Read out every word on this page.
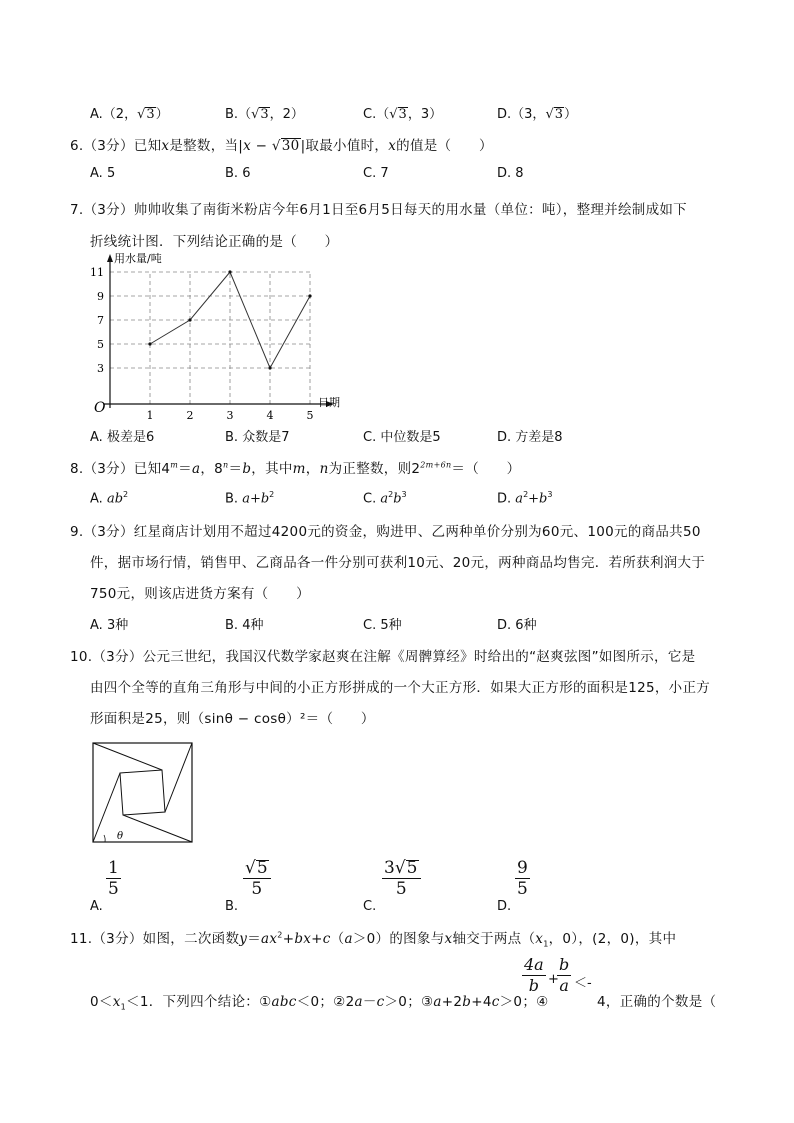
A.（2，√3）	B.（√3，2）	C.（√3，3）	D.（3，√3）
6.（3分）已知x是整数，当|x − √30|取最小值时，x的值是（　　）
A. 5	B. 6	C. 7	D. 8
7.（3分）帅帅收集了南街米粉店今年6月1日至6月5日每天的用水量（单位：吨），整理并绘制成如下
折线统计图．下列结论正确的是（　　）
3
5
7
9
11
1	2	3	4	5
O	日期
用水量/吨
A. 极差是6	B. 众数是7	C. 中位数是5	D. 方差是8
8.（3分）已知$4^m=a$，$8^n=b$，其中m，n为正整数，则$2^{2m+6n}=$（　　）
A. $ab^2$	B. $a+b^2$	C. $a^2b^3$	D. $a^2+b^3$
9.（3分）红星商店计划用不超过4200元的资金，购进甲、乙两种单价分别为60元、100元的商品共50
件，据市场行情，销售甲、乙商品各一件分别可获利10元、20元，两种商品均售完．若所获利润大于
750元，则该店进货方案有（　　）
A. 3种	B. 4种	C. 5种	D. 6种
10.（3分）公元三世纪，我国汉代数学家赵爽在注解《周髀算经》时给出的“赵爽弦图”如图所示，它是
由四个全等的直角三角形与中间的小正方形拼成的一个大正方形．如果大正方形的面积是125，小正方
形面积是25，则（sinθ − cosθ）²＝（　　）
θ
A.
1
5
B.
√5
5
C.
3√5
5
D.
9
5
11.（3分）如图，二次函数$y=ax^2+bx+c(a>0)$的图象与x轴交于两点（$x_1$，0），(2，0)，其中
$0<x_1<1$．下列四个结论：①abc＜0；②2a－c＞0；③a+2b+4c＞0；④
4a
b +
b
a ＜-
4，正确的个数是（
